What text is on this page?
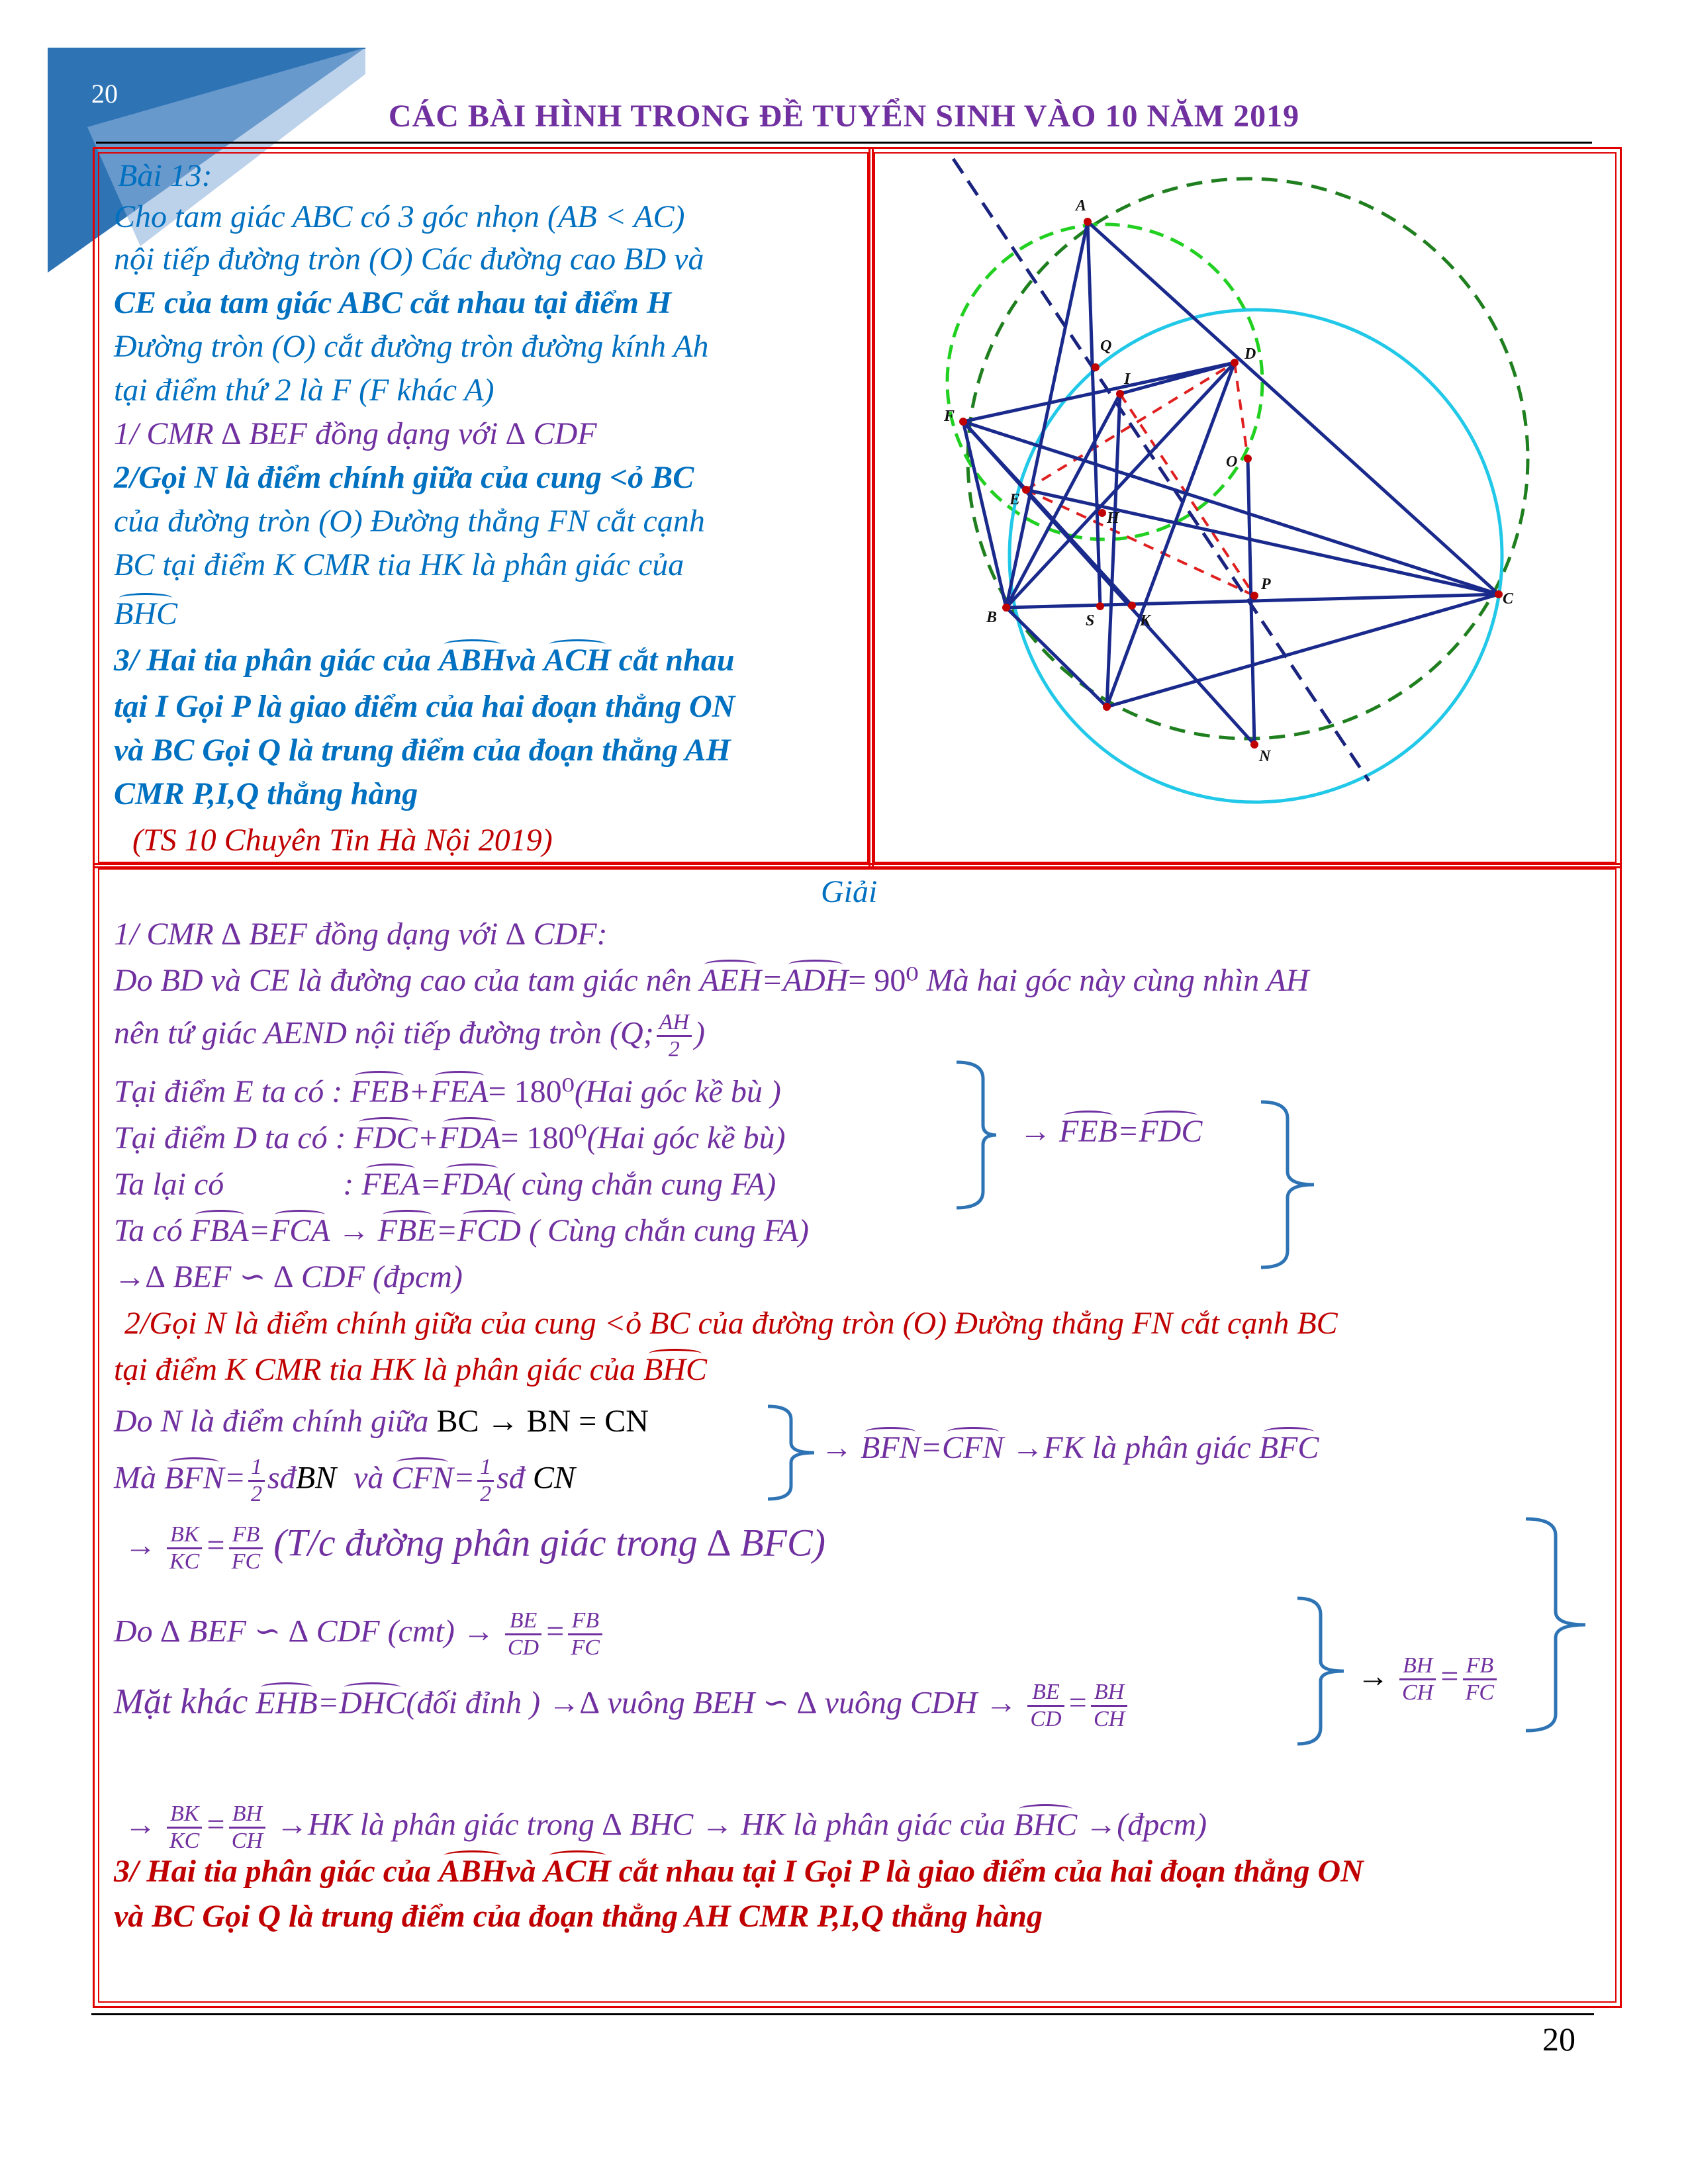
20
CÁC BÀI HÌNH TRONG ĐỀ TUYỂN SINH VÀO 10 NĂM 2019
Bài 13:
Cho tam giác ABC có 3 góc nhọn (AB < AC)
nội tiếp đường tròn (O) Các đường cao BD và
CE của tam giác ABC cắt nhau tại điểm H
Đường tròn (O) cắt đường tròn đường kính Ah
tại điểm thứ 2 là F (F khác A)
1/ CMR ∆ BEF đồng dạng với ∆ CDF
2/Gọi N là điểm chính giữa của cung <ỏ BC
của đường tròn (O) Đường thẳng FN cắt cạnh
BC tại điểm K CMR tia HK là phân giác của
BHC
3/ Hai tia phân giác của ABHvà ACH cắt nhau
tại I Gọi P là giao điểm của hai đoạn thẳng ON
và BC Gọi Q là trung điểm của đoạn thẳng AH
CMR P,I,Q thẳng hàng
(TS 10 Chuyên Tin Hà Nội 2019)
A
B
C
D
E
F
H
I
K
N
O
P
Q
S
Giải
1/ CMR ∆ BEF đồng dạng với ∆ CDF:
Do BD và CE là đường cao của tam giác nên AEH=ADH= 90⁰ Mà hai góc này cùng nhìn AH
nên tứ giác AEND nội tiếp đường tròn (Q; $\frac{AH}{2}$ )
Tại điểm E ta có : FEB+FEA= 180⁰(Hai góc kề bù )
Tại điểm D ta có : FDC+FDA= 180⁰(Hai góc kề bù)
Ta lại có	: FEA=FDA( cùng chắn cung FA)
Ta có FBA=FCA → FBE=FCD ( Cùng chắn cung FA)
→ FEB=FDC
→∆ BEF ∽ ∆ CDF (đpcm)
2/Gọi N là điểm chính giữa của cung <ỏ BC của đường tròn (O) Đường thẳng FN cắt cạnh BC
tại điểm K CMR tia HK là phân giác của BHC
Do N là điểm chính giữa BC → BN = CN
Mà $BFN= \frac{1}{2}$ sđBN và $CFN= \frac{1}{2}$ sđ CN
→ BFN=CFN →FK là phân giác BFC
→ $\frac{BK}{KC} = \frac{FB}{FC} (T/c$ đường phân giác trong ∆ BFC)
Do ∆ BEF ∽ ∆ CDF $(cmt) \to \frac{BE}{CD} = \frac{FB}{FC}$
Mặt khác EHB=DHC(đối đỉnh ) →∆ vuông BEH ∽ ∆ vuông CDH → $\frac{BE}{CD} = \frac{BH}{CH}$
→ $\frac{BH}{CH} = \frac{FB}{FC}$
→ $\frac{BK}{KC} = \frac{BH}{CH} \to HK$ là phân giác trong ∆ BHC → HK là phân giác của BHC →(đpcm)
3/ Hai tia phân giác của ABHvà ACH cắt nhau tại I Gọi P là giao điểm của hai đoạn thẳng ON
và BC Gọi Q là trung điểm của đoạn thẳng AH CMR P,I,Q thẳng hàng
20
